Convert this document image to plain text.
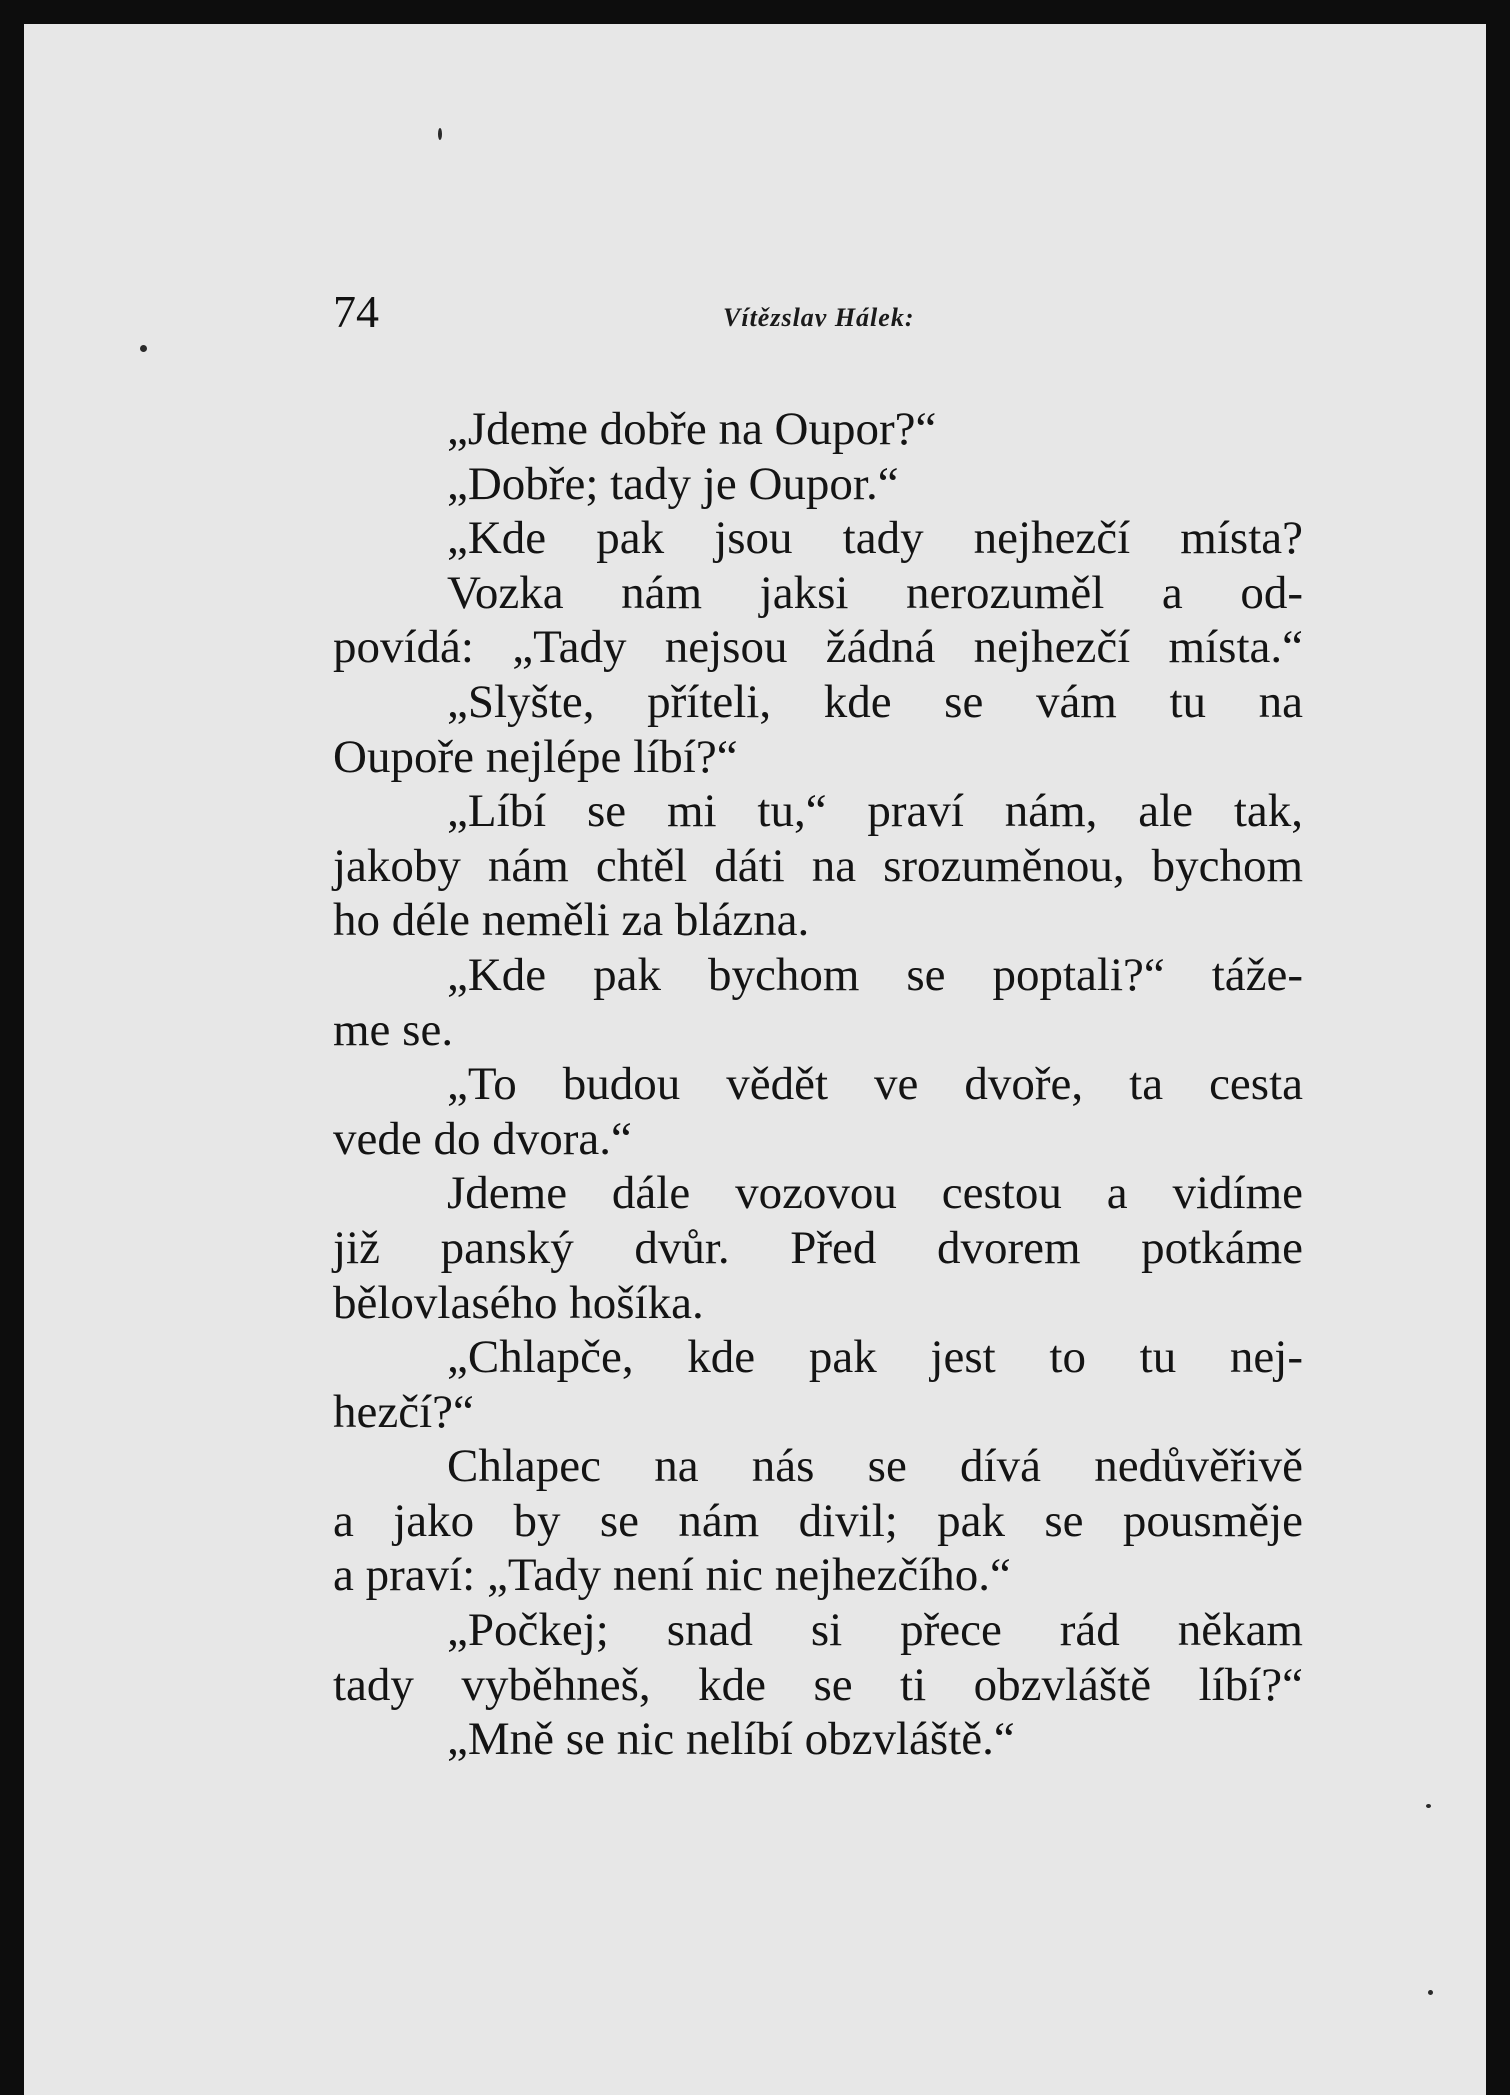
74	Vítězslav Hálek:
„Jdeme dobře na Oupor?“
„Dobře; tady je Oupor.“
„Kde pak jsou tady nejhezčí místa?
Vozka nám jaksi nerozuměl a od-
povídá: „Tady nejsou žádná nejhezčí místa.“
„Slyšte, příteli, kde se vám tu na
Oupoře nejlépe líbí?“
„Líbí se mi tu,“ praví nám, ale tak,
jakoby nám chtěl dáti na srozuměnou, bychom
ho déle neměli za blázna.
„Kde pak bychom se poptali?“ táže-
me se.
„To budou vědět ve dvoře, ta cesta
vede do dvora.“
Jdeme dále vozovou cestou a vidíme
již panský dvůr. Před dvorem potkáme
bělovlasého hošíka.
„Chlapče, kde pak jest to tu nej-
hezčí?“
Chlapec na nás se dívá nedůvěřivě
a jako by se nám divil; pak se pousměje
a praví: „Tady není nic nejhezčího.“
„Počkej; snad si přece rád někam
tady vyběhneš, kde se ti obzvláště líbí?“
„Mně se nic nelíbí obzvláště.“
